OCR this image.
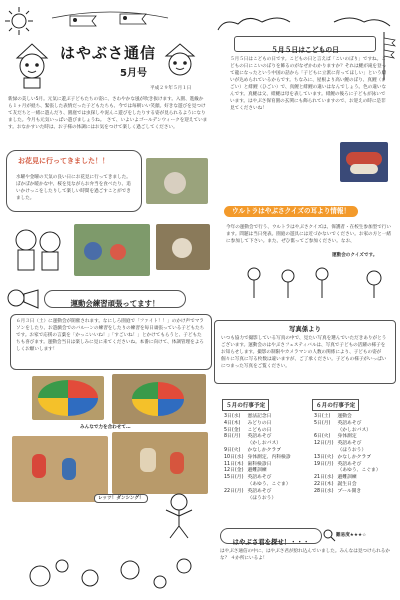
はやぶさ通信
5月号
平成２９年５月１日
新緑の美しい5月。元気に遊ぶ子どもたちの姿に、さわやかな風が吹き抜けます。入園、進級から１ヶ月が経ち、緊張した表情だった子どもたちも、今では毎朝いい笑顔。好きな遊びを見つけて友だちと一緒に遊んだり、園庭では虫探しや泥んこ遊びをしたりする姿が見られるようになりました。今月も元気いっぱい遊びましょうね。　さて、いよいよゴールデンウィークを迎えています。おなかすいた時は、お子様の体調にはお気をつけて楽しく過ごしてください。
５月５日はこどもの日
５月５日はこどもの日です。こどもの日と言えば「こいのぼり」ですね。こどもの日にこいのぼりを飾るのがなぜかわかりますか？それは鯉が滝を登って龍になったという中国の話から「子どもに立派に育ってほしい」という願いが込められているからです。ちなみに、屋根より高い鯉のぼり、真鯉（まごい）と緋鯉（ひごい）で、真鯉と緋鯉の違いはなんでしょう。色の違いなんです。真鯉は父、緋鯉は母を表しています。緋鯉の後ろに子どもが泳いでいます。はやぶさ保育園の玄関にも飾られていますので、お迎えの時に是非見てくださいね！
お花見に行ってきました！！
水曜や金曜の天気の良い日にお花見に行ってきました。ぽかぽか暖かな中、桜を見ながらお弁当を食べたり、追いかけっこをしたりして楽しい時間を過ごすことができました。
ウルトラはやぶさクイズの耳より情報！
今年の運動会で行う、ウルトラはやぶさクイズは、保護者・在校生参加型で行います。問題は当日発表。園庭の遊具には近づかないでください。お家の方と一緒に参加して下さい。また、ぜひ奮ってご参加ください。なお、
運動会のクイズです。
運動会練習頑張ってます！
６月３日（土）に運動会が開催されます。なにしろ園庭で「ファイト！！」のかけ声でマラソンをしたり、お遊戯会でのバルーンの練習をしたりの練習を毎日頑張っている子どもたちです。お家で応援の言葉を「かっこいいね！」「すごいね！」とかけてもらうと、子どもたちも喜びます。運動会当日は楽しみに見に来てくださいね。本番に向けて、体調管理をよろしくお願いします！
みんなで力を合わせて…
レッツ！ダンシング！
写真係より
いつも協力で撮影している写真の中で、見たい写真を選んでいただきありがとうございます。運動会のはやぶさフェスティバルは、写真で子どもの活躍の様子をお知らせします。撮影の制限やカメラマンの人数の関係により、子どもの姿が個々に写真に写る枚数は違いますが、ご了承ください。子どもの様子がいっぱいにつまった写真をご覧ください。
５月の行事予定
3日(水)	憲法記念日
4日(木)	みどりの日
5日(金)	こどもの日
8日(月)	英語あそび
	（かしおバス）
9日(火)	かなしかクラブ
10日(水)	身体測定、内科検診
11日(木)	歯科検診日
12日(金)	避難訓練
15日(月)	英語あそび
	（あゆう、こぐま）
22日(月)	英語あそび
	（ほうおう）
６月の行事予定
3日(土)	運動会
5日(月)	英語あそび
	（かしおバス）
6日(火)	身体測定
12日(月)	英語あそび
	（ほうおう）
13日(火)	かなしかクラブ
19日(月)	英語あそび
	（あゆう、こぐま）
21日(水)	避難訓練
22日(木)	誕生日会
28日(水)	プール開き
はやぶさ君を探せ！・・・
難易度★★★☆
はやぶさ通信の中に、はやぶさ君が紛れ込んでいました。みんなは見つけられるかな？ ４か所にいるよ！
